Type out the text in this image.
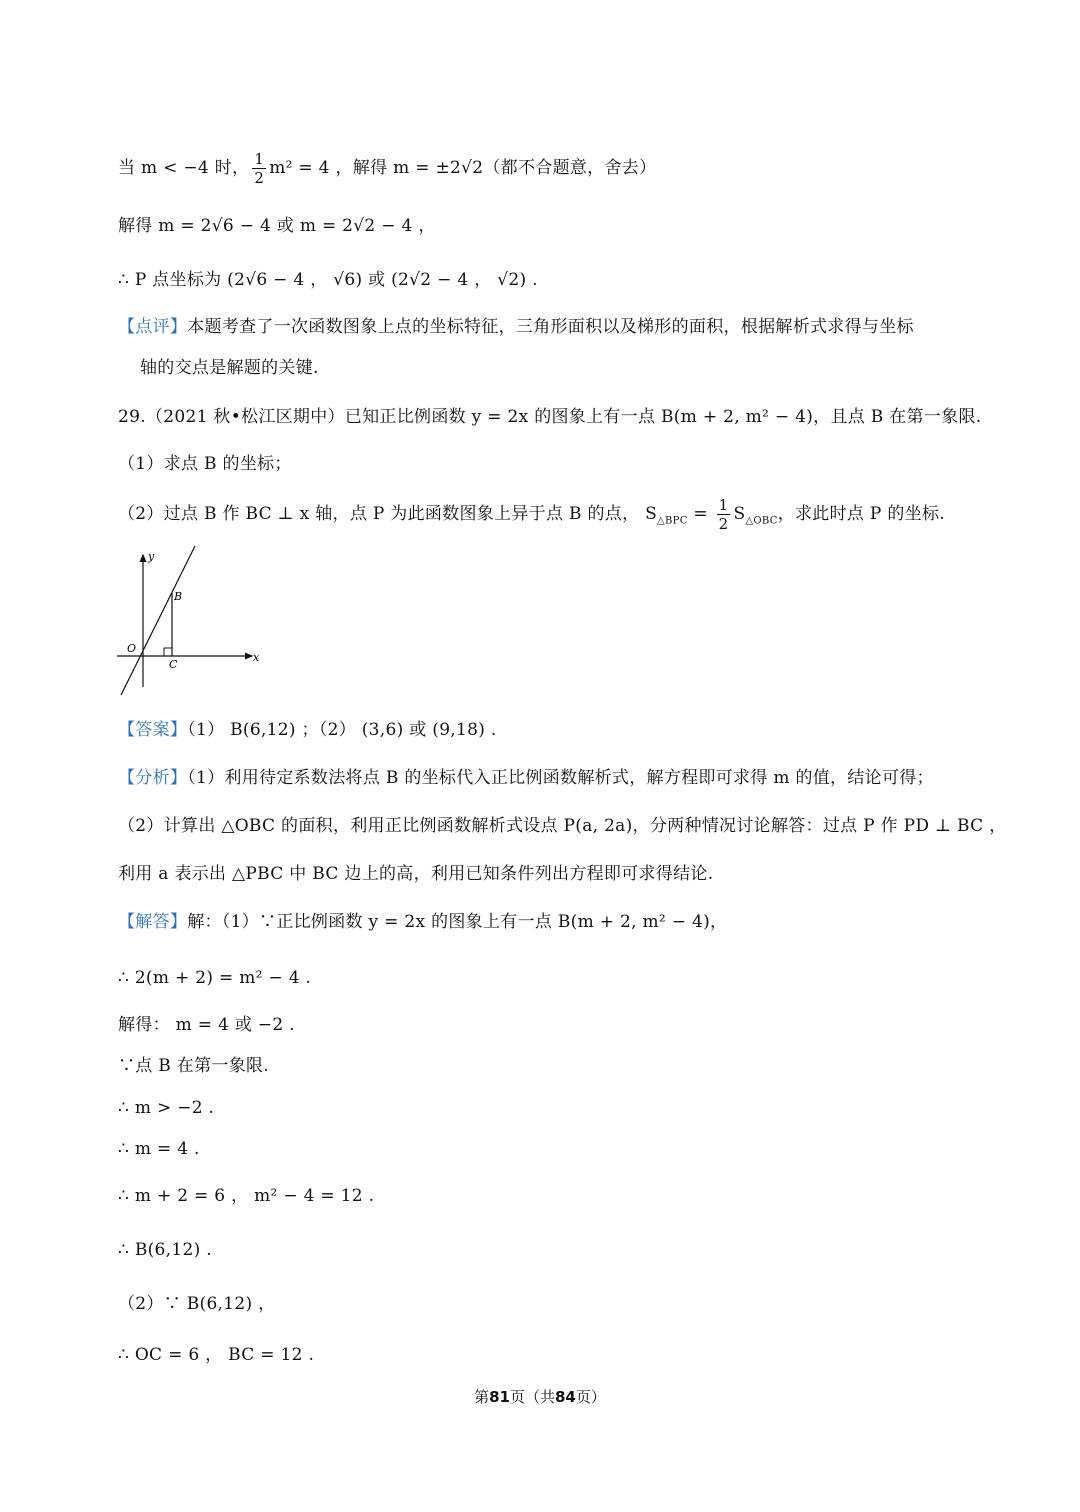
当 m < −4 时， $\frac{1}{2} m^2 = 4$ ，解得 m = ±2√2（都不合题意，舍去）
解得 m = 2√6 − 4 或 m = 2√2 − 4 ，
∴ P 点坐标为 (2√6 − 4 ， √6) 或 (2√2 − 4 ， √2) .
【点评】本题考查了一次函数图象上点的坐标特征，三角形面积以及梯形的面积，根据解析式求得与坐标
轴的交点是解题的关键.
29.（2021 秋•松江区期中）已知正比例函数 y = 2x 的图象上有一点 B(m + 2, m² − 4)，且点 B 在第一象限.
（1）求点 B 的坐标；
（2）过点 B 作 BC ⊥ x 轴，点 P 为此函数图象上异于点 B 的点， $S_{\triangle BPC} = \frac{1}{2} S_{\triangle OBC}$，求此时点 P 的坐标.
y
x
O
B
C
【答案】（1） B(6,12) ；（2） (3,6) 或 (9,18) .
【分析】（1）利用待定系数法将点 B 的坐标代入正比例函数解析式，解方程即可求得 m 的值，结论可得；
（2）计算出 △OBC 的面积，利用正比例函数解析式设点 P(a, 2a)，分两种情况讨论解答：过点 P 作 PD ⊥ BC ，
利用 a 表示出 △PBC 中 BC 边上的高，利用已知条件列出方程即可求得结论.
【解答】解：（1）∵正比例函数 y = 2x 的图象上有一点 B(m + 2, m² − 4)，
∴ 2(m + 2) = m² − 4 .
解得： m = 4 或 −2 .
∵点 B 在第一象限.
∴ m > −2 .
∴ m = 4 .
∴ m + 2 = 6 ， m² − 4 = 12 .
∴ B(6,12) .
（2）∵ B(6,12) ，
∴ OC = 6 ， BC = 12 .
第81页（共84页）
